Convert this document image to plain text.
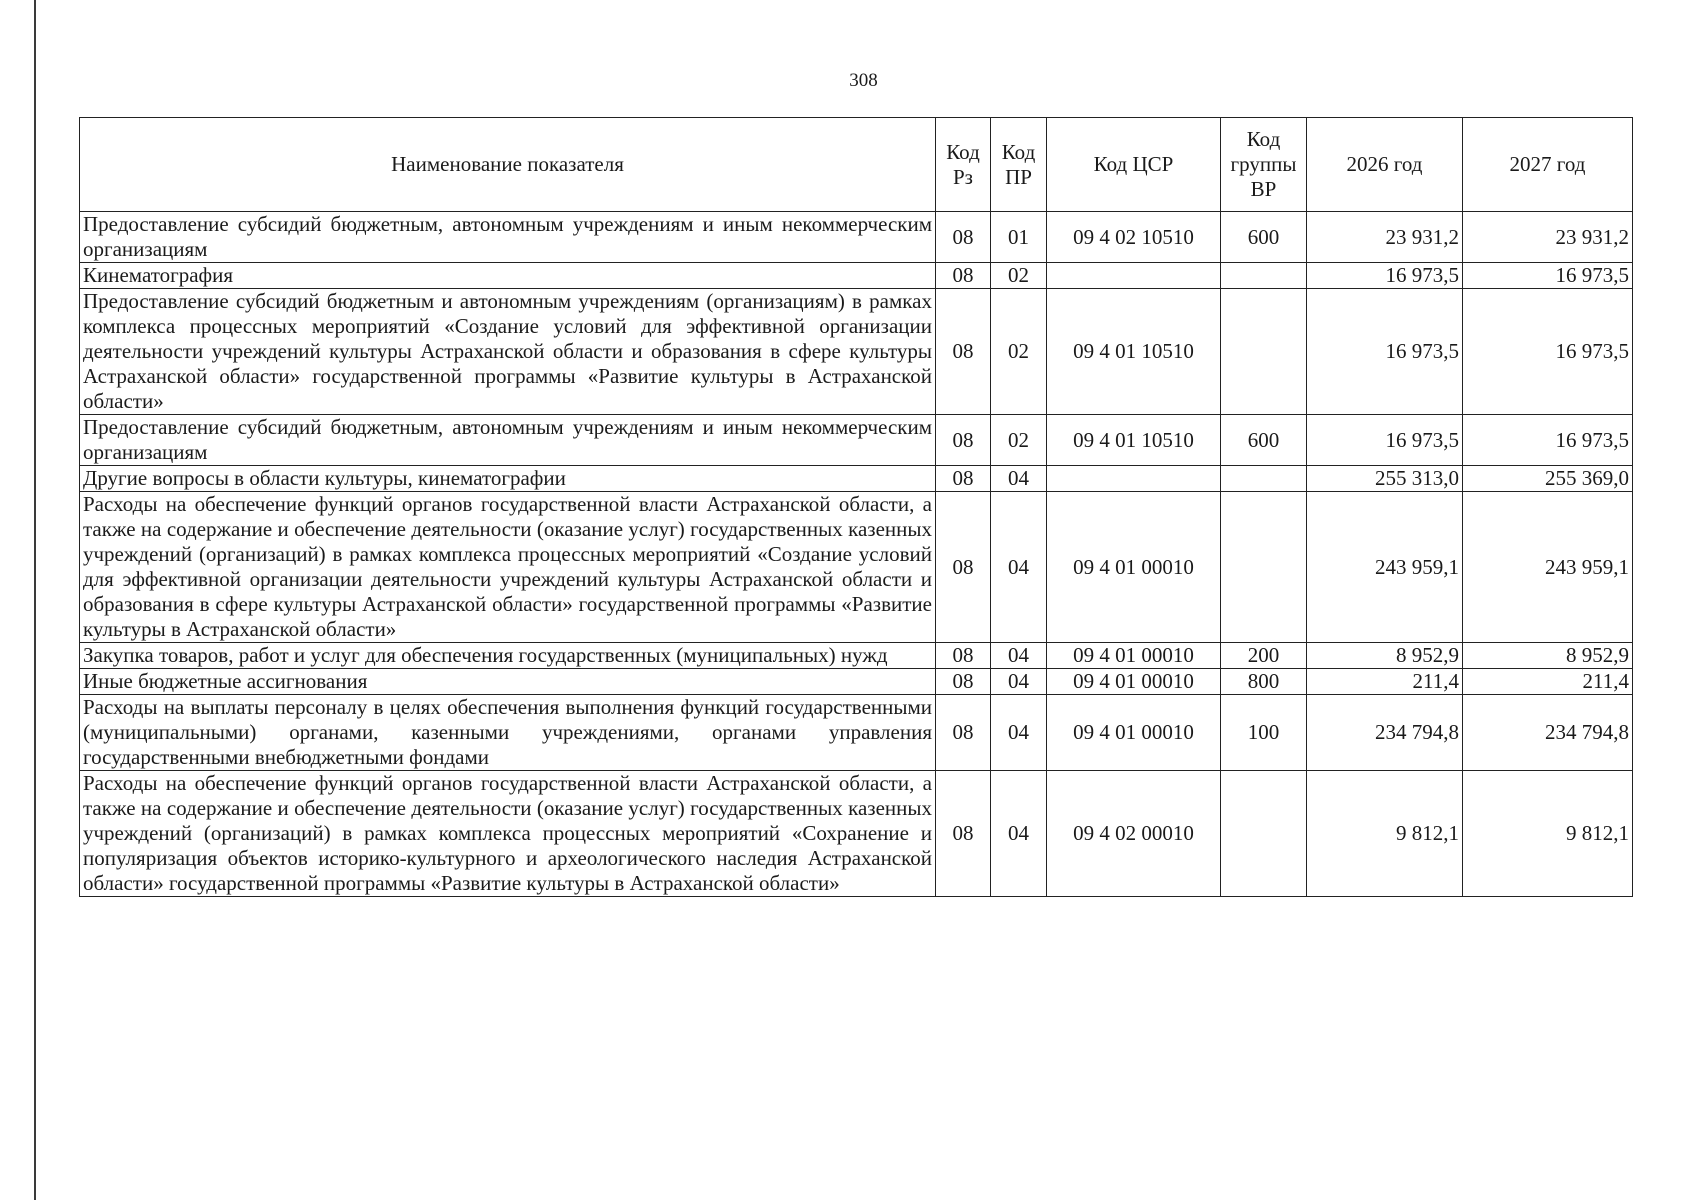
308
Наименование показателя	Код Рз	Код ПР	Код ЦСР	Код группы ВР	2026 год	2027 год
Предоставление субсидий бюджетным, автономным учреждениям и иным некоммерческим организациям	08	01	09 4 02 10510	600	23 931,2	23 931,2
Кинематография	08	02			16 973,5	16 973,5
Предоставление субсидий бюджетным и автономным учреждениям (организациям) в рамках комплекса процессных мероприятий «Создание условий для эффективной организации деятельности учреждений культуры Астраханской области и образования в сфере культуры Астраханской области» государственной программы «Развитие культуры в Астраханской области»	08	02	09 4 01 10510		16 973,5	16 973,5
Предоставление субсидий бюджетным, автономным учреждениям и иным некоммерческим организациям	08	02	09 4 01 10510	600	16 973,5	16 973,5
Другие вопросы в области культуры, кинематографии	08	04			255 313,0	255 369,0
Расходы на обеспечение функций органов государственной власти Астраханской области, а также на содержание и обеспечение деятельности (оказание услуг) государственных казенных учреждений (организаций) в рамках комплекса процессных мероприятий «Создание условий для эффективной организации деятельности учреждений культуры Астраханской области и образования в сфере культуры Астраханской области» государственной программы «Развитие культуры в Астраханской области»	08	04	09 4 01 00010		243 959,1	243 959,1
Закупка товаров, работ и услуг для обеспечения государственных (муниципальных) нужд	08	04	09 4 01 00010	200	8 952,9	8 952,9
Иные бюджетные ассигнования	08	04	09 4 01 00010	800	211,4	211,4
Расходы на выплаты персоналу в целях обеспечения выполнения функций государственными (муниципальными) органами, казенными учреждениями, органами управления государственными внебюджетными фондами	08	04	09 4 01 00010	100	234 794,8	234 794,8
Расходы на обеспечение функций органов государственной власти Астраханской области, а также на содержание и обеспечение деятельности (оказание услуг) государственных казенных учреждений (организаций) в рамках комплекса процессных мероприятий «Сохранение и популяризация объектов историко-культурного и археологического наследия Астраханской области» государственной программы «Развитие культуры в Астраханской области»	08	04	09 4 02 00010		9 812,1	9 812,1
